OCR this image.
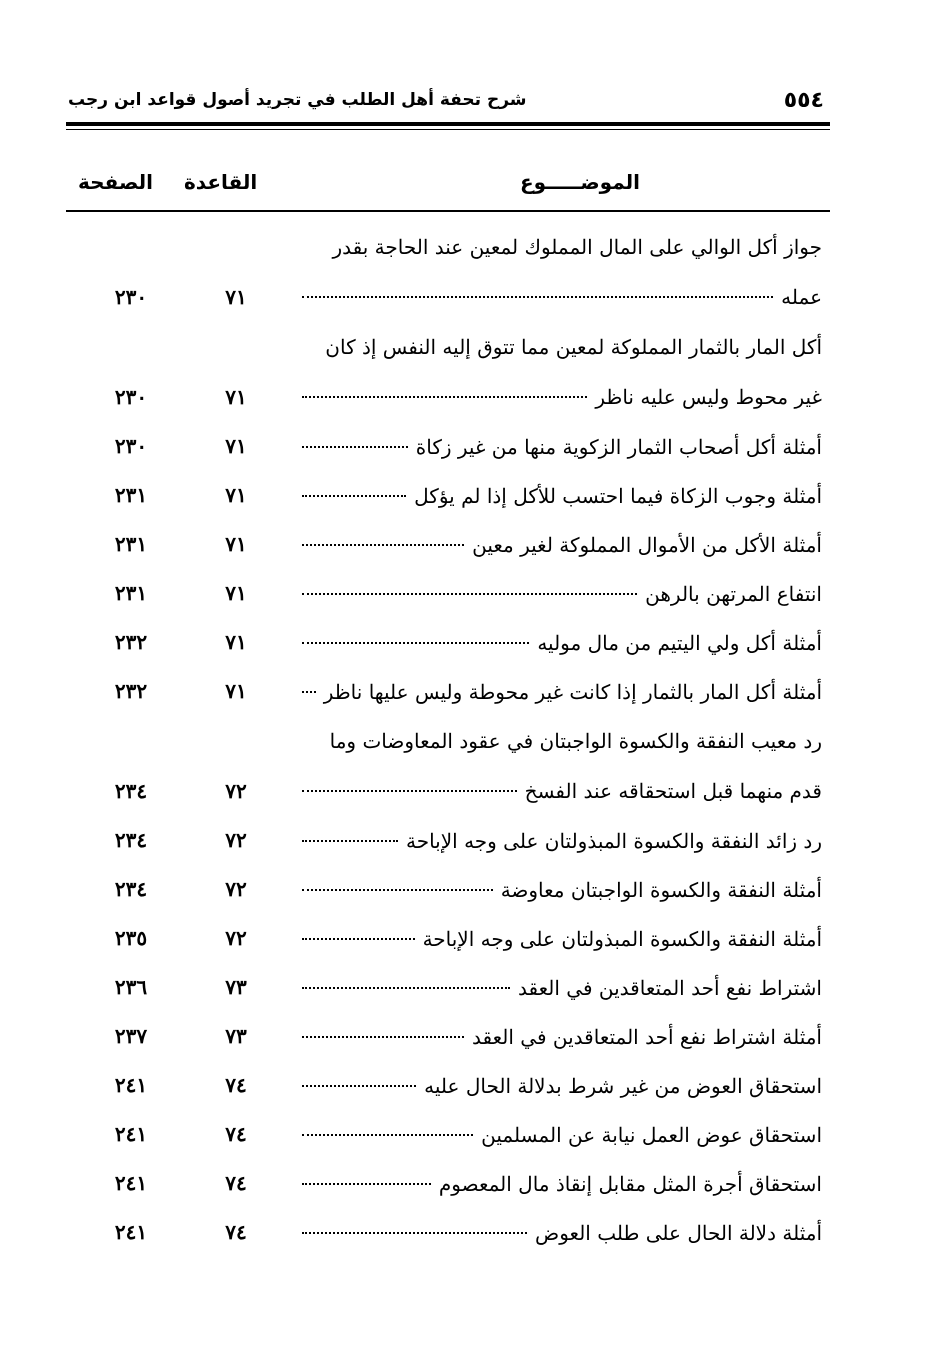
٥٥٤
شرح تحفة أهل الطلب في تجريد أصول قواعد ابن رجب
الموضـــــوع
القاعدة
الصفحة
جواز أكل الوالي على المال المملوك لمعين عند الحاجة بقدر
عمله
٧١
٢٣٠
أكل المار بالثمار المملوكة لمعين مما تتوق إليه النفس إذ كان
غير محوط وليس عليه ناظر
٧١
٢٣٠
أمثلة أكل أصحاب الثمار الزكوية منها من غير زكاة
٧١
٢٣٠
أمثلة وجوب الزكاة فيما احتسب للأكل إذا لم يؤكل
٧١
٢٣١
أمثلة الأكل من الأموال المملوكة لغير معين
٧١
٢٣١
انتفاع المرتهن بالرهن
٧١
٢٣١
أمثلة أكل ولي اليتيم من مال موليه
٧١
٢٣٢
أمثلة أكل المار بالثمار إذا كانت غير محوطة وليس عليها ناظر
٧١
٢٣٢
رد معيب النفقة والكسوة الواجبتان في عقود المعاوضات وما
قدم منهما قبل استحقاقه عند الفسخ
٧٢
٢٣٤
رد زائد النفقة والكسوة المبذولتان على وجه الإباحة
٧٢
٢٣٤
أمثلة النفقة والكسوة الواجبتان معاوضة
٧٢
٢٣٤
أمثلة النفقة والكسوة المبذولتان على وجه الإباحة
٧٢
٢٣٥
اشتراط نفع أحد المتعاقدين في العقد
٧٣
٢٣٦
أمثلة اشتراط نفع أحد المتعاقدين في العقد
٧٣
٢٣٧
استحقاق العوض من غير شرط بدلالة الحال عليه
٧٤
٢٤١
استحقاق عوض العمل نيابة عن المسلمين
٧٤
٢٤١
استحقاق أجرة المثل مقابل إنقاذ مال المعصوم
٧٤
٢٤١
أمثلة دلالة الحال على طلب العوض
٧٤
٢٤١
